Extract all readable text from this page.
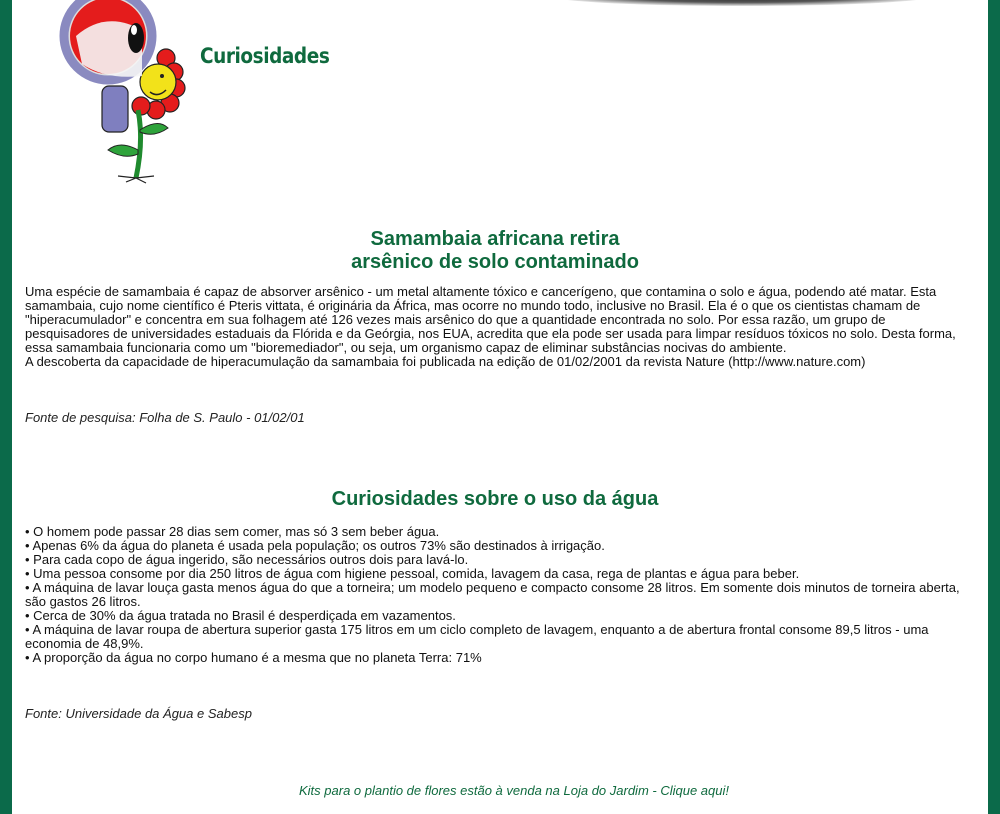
Curiosidades
Samambaia africana retira
arsênico de solo contaminado

Uma espécie de samambaia é capaz de absorver arsênico - um metal altamente tóxico e cancerígeno, que contamina o solo e água, podendo até matar. Esta samambaia, cujo nome científico é Pteris vittata, é originária da África, mas ocorre no mundo todo, inclusive no Brasil. Ela é o que os cientistas chamam de "hiperacumulador" e concentra em sua folhagem até 126 vezes mais arsênico do que a quantidade encontrada no solo. Por essa razão, um grupo de pesquisadores de universidades estaduais da Flórida e da Geórgia, nos EUA, acredita que ela pode ser usada para limpar resíduos tóxicos no solo. Desta forma, essa samambaia funcionaria como um "bioremediador", ou seja, um organismo capaz de eliminar substâncias nocivas do ambiente.

A descoberta da capacidade de hiperacumulação da samambaia foi publicada na edição de 01/02/2001 da revista Nature (http://www.nature.com)

Fonte de pesquisa: Folha de S. Paulo - 01/02/01
Curiosidades sobre o uso da água

• O homem pode passar 28 dias sem comer, mas só 3 sem beber água.

• Apenas 6% da água do planeta é usada pela população; os outros 73% são destinados à irrigação.

• Para cada copo de água ingerido, são necessários outros dois para lavá-lo.

• Uma pessoa consome por dia 250 litros de água com higiene pessoal, comida, lavagem da casa, rega de plantas e água para beber.

• A máquina de lavar louça gasta menos água do que a torneira; um modelo pequeno e compacto consome 28 litros. Em somente dois minutos de torneira aberta, são gastos 26 litros.

• Cerca de 30% da água tratada no Brasil é desperdiçada em vazamentos.

• A máquina de lavar roupa de abertura superior gasta 175 litros em um ciclo completo de lavagem, enquanto a de abertura frontal consome 89,5 litros - uma economia de 48,9%.

• A proporção da água no corpo humano é a mesma que no planeta Terra: 71%

Fonte: Universidade da Água e Sabesp
Kits para o plantio de flores estão à venda na Loja do Jardim - Clique aqui!
